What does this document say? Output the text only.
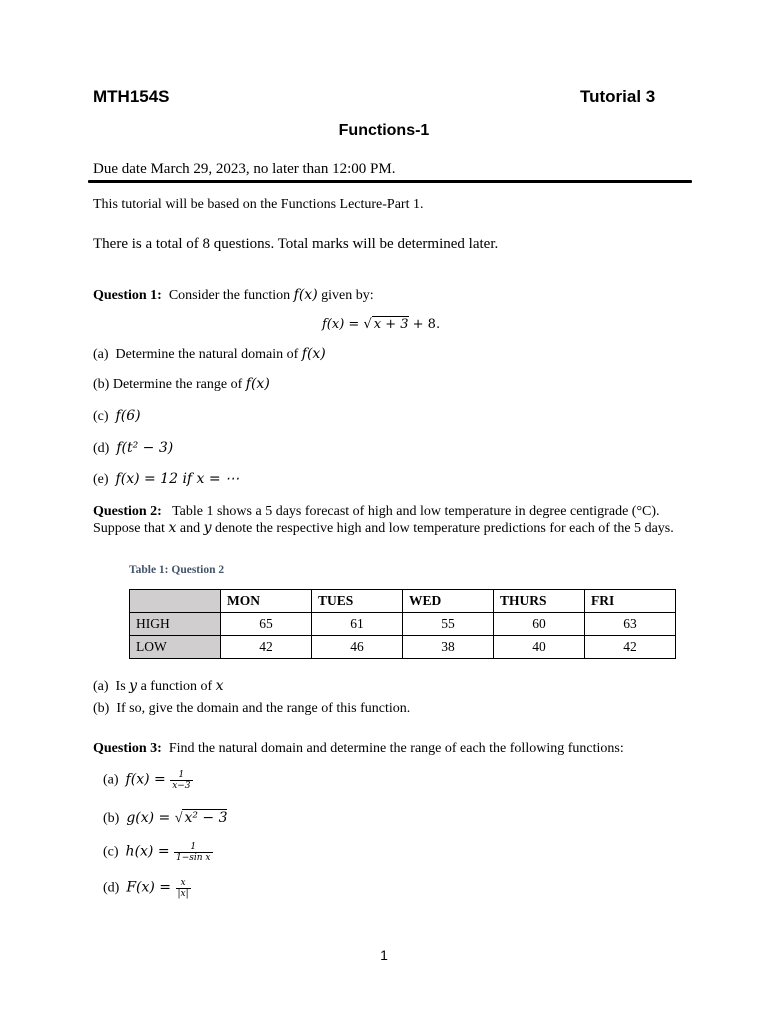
MTH154S	Tutorial 3
Functions-1
Due date March 29, 2023, no later than 12:00 PM.
This tutorial will be based on the Functions Lecture-Part 1.
There is a total of 8 questions. Total marks will be determined later.
Question 1: Consider the function f(x) given by:
f(x) = √ x + 3 + 8.
(a) Determine the natural domain of f(x)
(b) Determine the range of f(x)
(c) f(6)
(d) f(t² − 3)
(e) f(x) = 12 if x = ⋯
Question 2: Table 1 shows a 5 days forecast of high and low temperature in degree centigrade (°C). Suppose that x and y denote the respective high and low temperature predictions for each of the 5 days.
Table 1: Question 2
	MON	TUES	WED	THURS	FRI
HIGH	65	61	55	60	63
LOW	42	46	38	40	42
(a) Is y a function of x
(b) If so, give the domain and the range of this function.
Question 3: Find the natural domain and determine the range of each the following functions:
(a) $f(x) = \frac{1}{x-3}$
(b) g(x) = √ x² − 3
(c) $h(x) = \frac{1}{\text{1−sin x}}$
(d) $F(x) = \frac{x}{|x|}$
1
